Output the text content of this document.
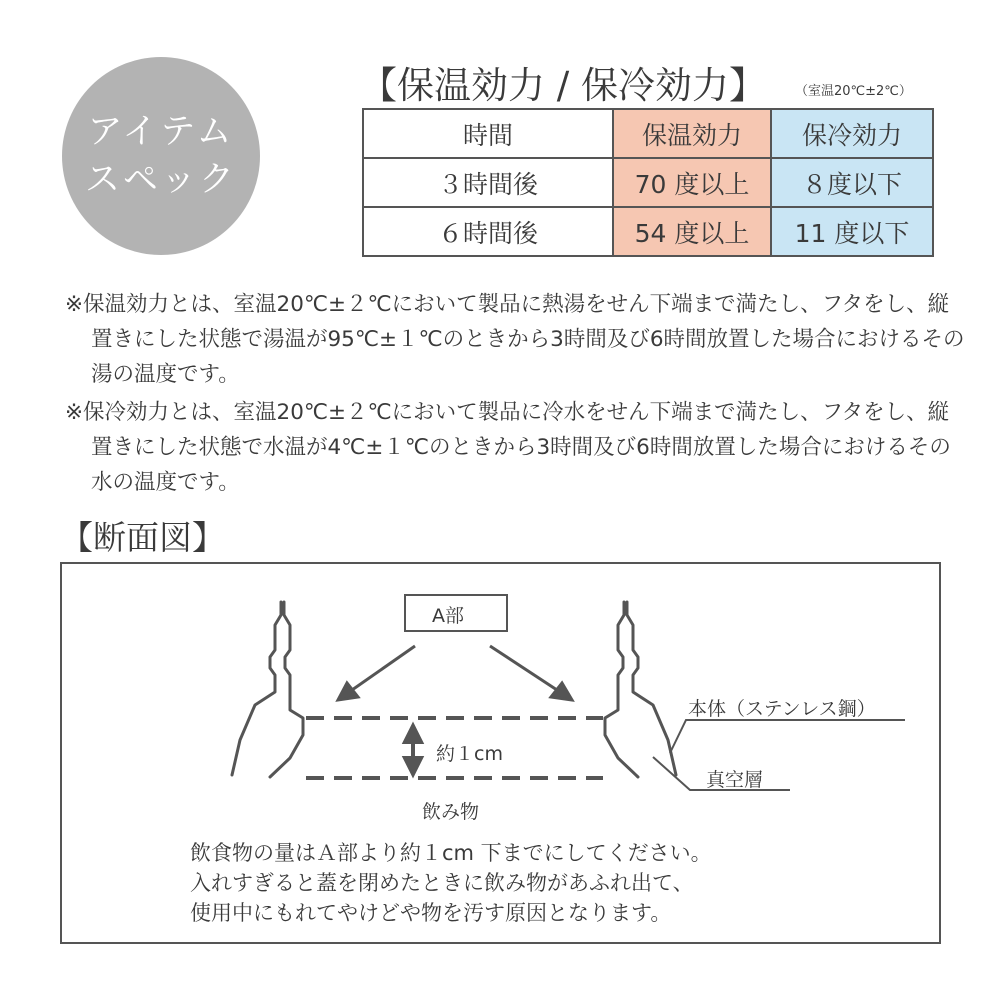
アイテム
スペック
【保温効力 / 保冷効力】 （室温20℃±2℃）
時間	保温効力	保冷効力
３時間後	70 度以上	８度以下
６時間後	54 度以上	11 度以下
※保温効力とは、室温20℃±２℃において製品に熱湯をせん下端まで満たし、フタをし、縦置きにした状態で湯温が95℃±１℃のときから3時間及び6時間放置した場合におけるその湯の温度です。
※保冷効力とは、室温20℃±２℃において製品に冷水をせん下端まで満たし、フタをし、縦置きにした状態で水温が4℃±１℃のときから3時間及び6時間放置した場合におけるその水の温度です。
【断面図】
A部
約１cm
飲み物
本体（ステンレス鋼）
真空層
飲食物の量はＡ部より約１cm 下までにしてください。
入れすぎると蓋を閉めたときに飲み物があふれ出て、
使用中にもれてやけどや物を汚す原因となります。
